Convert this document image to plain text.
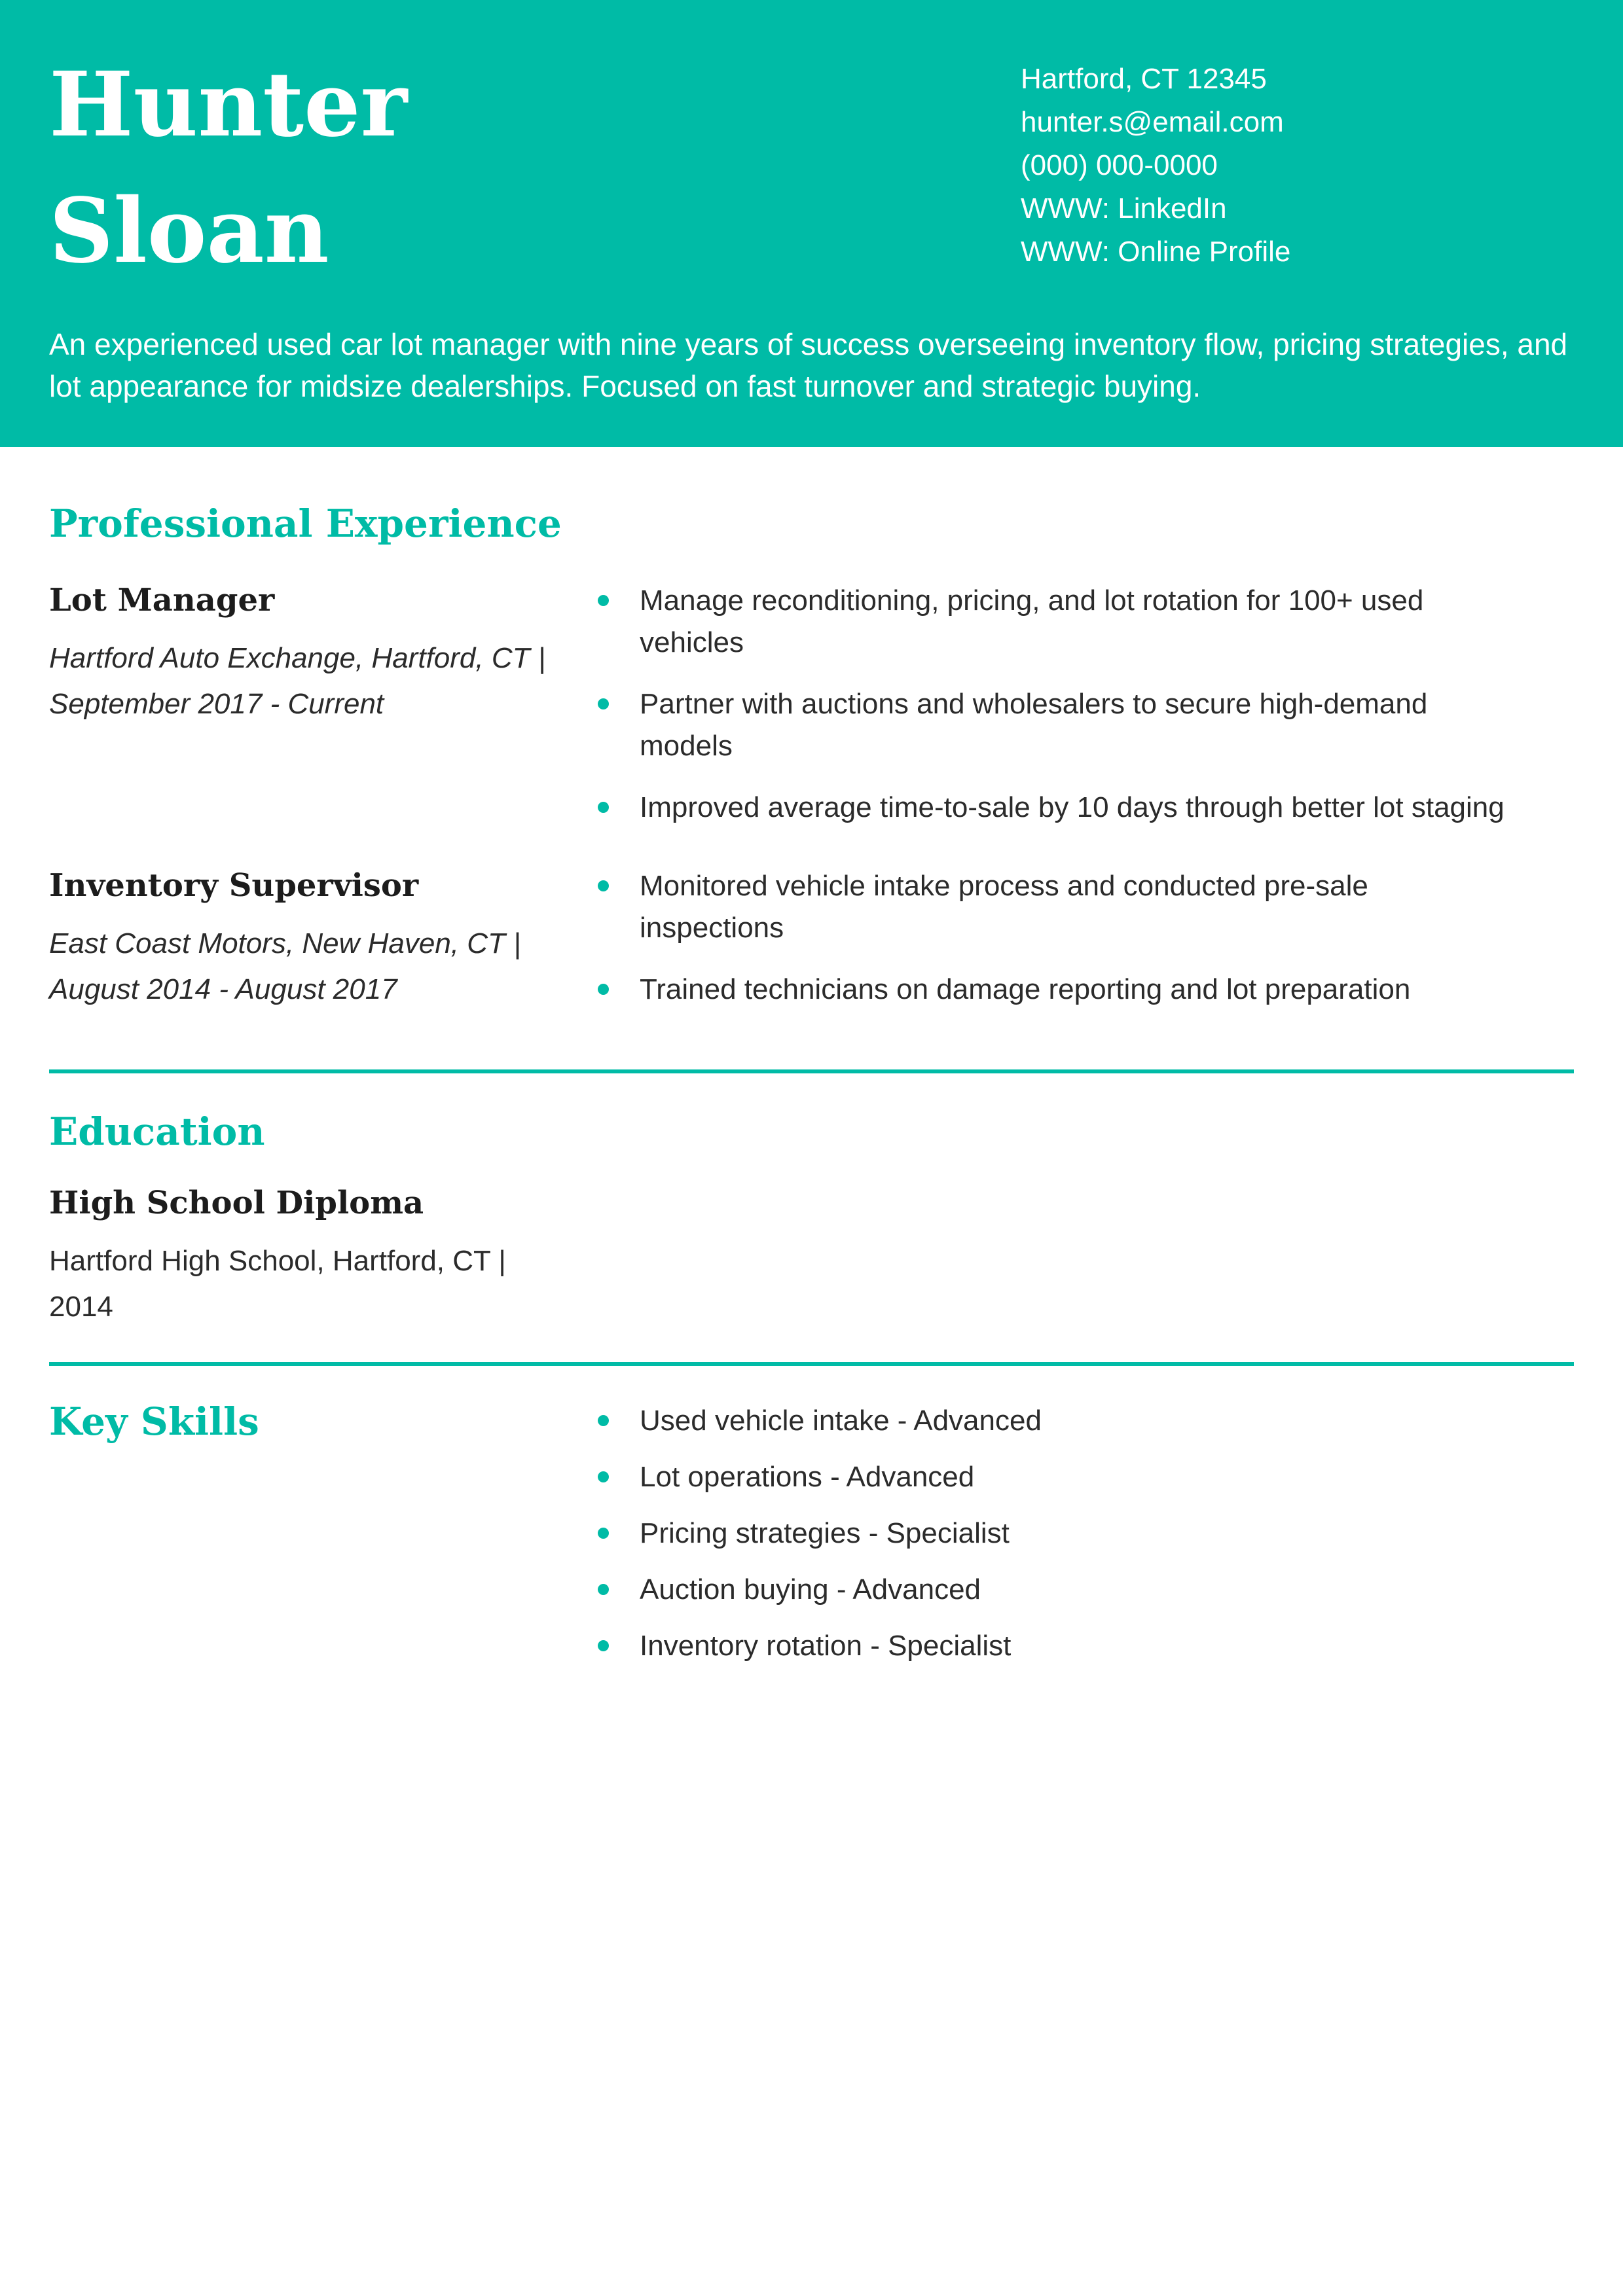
Hunter
Sloan
Hartford, CT 12345
hunter.s@email.com
(000) 000-0000
WWW: LinkedIn
WWW: Online Profile

An experienced used car lot manager with nine years of success overseeing inventory flow, pricing strategies, and lot appearance for midsize dealerships. Focused on fast turnover and strategic buying.

Professional Experience
Lot Manager
Hartford Auto Exchange, Hartford, CT |
September 2017 - Current
Manage reconditioning, pricing, and lot rotation for 100+ used vehicles
Partner with auctions and wholesalers to secure high-demand models
Improved average time-to-sale by 10 days through better lot staging
Inventory Supervisor
East Coast Motors, New Haven, CT |
August 2014 - August 2017
Monitored vehicle intake process and conducted pre-sale inspections
Trained technicians on damage reporting and lot preparation
Education
High School Diploma
Hartford High School, Hartford, CT |
2014
Key Skills	Used vehicle intake - Advanced
Lot operations - Advanced
Pricing strategies - Specialist
Auction buying - Advanced
Inventory rotation - Specialist
